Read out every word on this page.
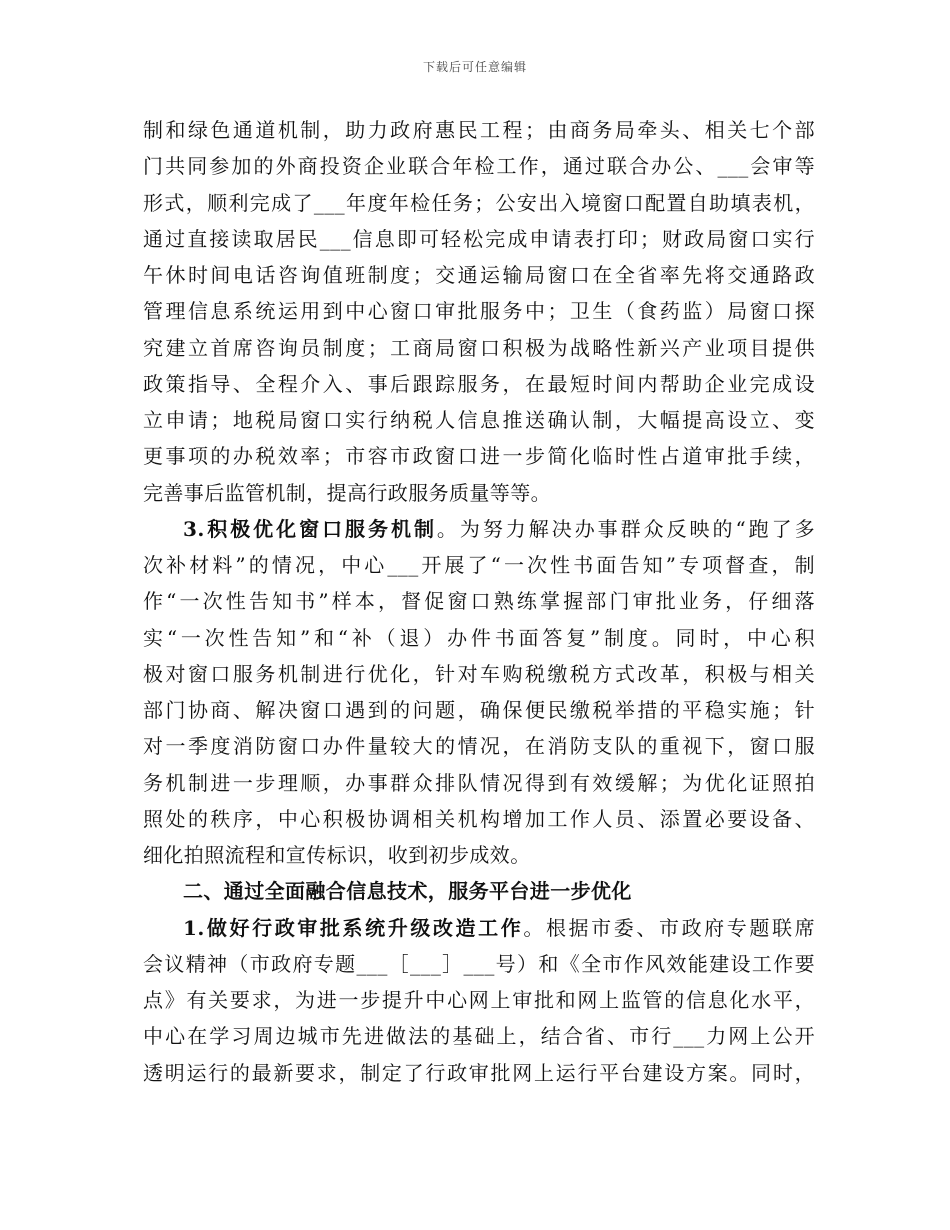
下载后可任意编辑
制和绿色通道机制，助力政府惠民工程；由商务局牵头、相关七个部
门共同参加的外商投资企业联合年检工作，通过联合办公、___会审等
形式，顺利完成了___年度年检任务；公安出入境窗口配置自助填表机，
通过直接读取居民___信息即可轻松完成申请表打印；财政局窗口实行
午休时间电话咨询值班制度；交通运输局窗口在全省率先将交通路政
管理信息系统运用到中心窗口审批服务中；卫生（食药监）局窗口探
究建立首席咨询员制度；工商局窗口积极为战略性新兴产业项目提供
政策指导、全程介入、事后跟踪服务，在最短时间内帮助企业完成设
立申请；地税局窗口实行纳税人信息推送确认制，大幅提高设立、变
更事项的办税效率；市容市政窗口进一步简化临时性占道审批手续，
完善事后监管机制，提高行政服务质量等等。
3.积极优化窗口服务机制。为努力解决办事群众反映的“跑了多
次补材料”的情况，中心___开展了“一次性书面告知”专项督查，制
作“一次性告知书”样本，督促窗口熟练掌握部门审批业务，仔细落
实“一次性告知”和“补（退）办件书面答复”制度。同时，中心积
极对窗口服务机制进行优化，针对车购税缴税方式改革，积极与相关
部门协商、解决窗口遇到的问题，确保便民缴税举措的平稳实施；针
对一季度消防窗口办件量较大的情况，在消防支队的重视下，窗口服
务机制进一步理顺，办事群众排队情况得到有效缓解；为优化证照拍
照处的秩序，中心积极协调相关机构增加工作人员、添置必要设备、
细化拍照流程和宣传标识，收到初步成效。
二、通过全面融合信息技术，服务平台进一步优化
1.做好行政审批系统升级改造工作。根据市委、市政府专题联席
会议精神（市政府专题___［___］___号）和《全市作风效能建设工作要
点》有关要求，为进一步提升中心网上审批和网上监管的信息化水平，
中心在学习周边城市先进做法的基础上，结合省、市行___力网上公开
透明运行的最新要求，制定了行政审批网上运行平台建设方案。同时，
